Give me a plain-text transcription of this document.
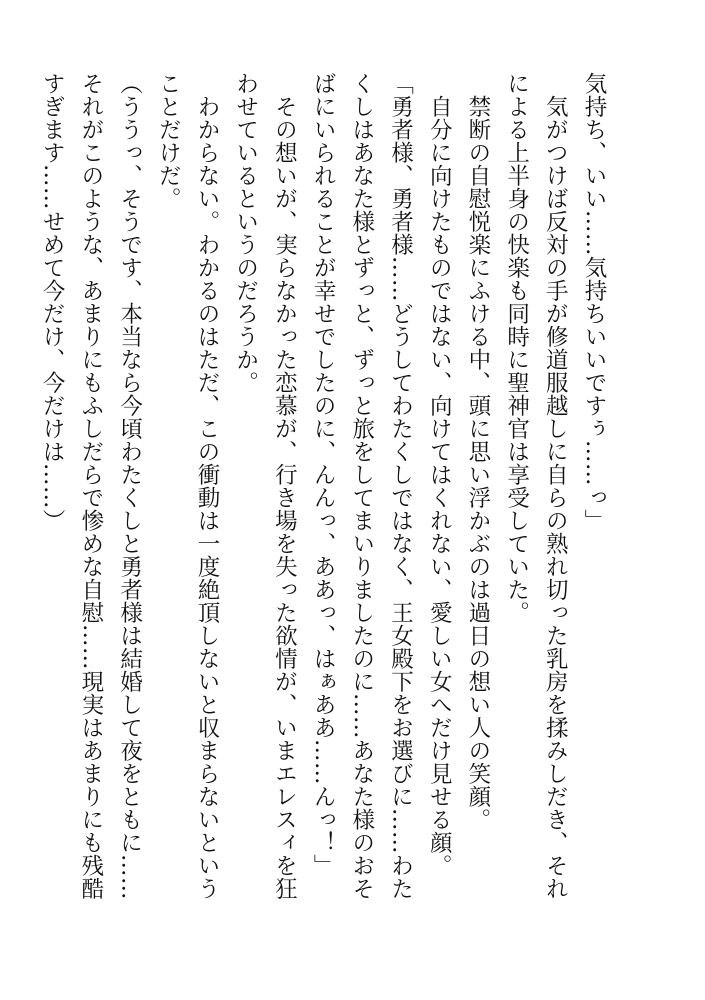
気持ち、いい……気持ちいいですぅ……っ」
　気がつけば反対の手が修道服越しに自らの熟れ切った乳房を揉みしだき、それ
による上半身の快楽も同時に聖神官は享受していた。
　禁断の自慰悦楽にふける中、頭に思い浮かぶのは過日の想い人の笑顔。
　自分に向けたものではない、向けてはくれない、愛しい女へだけ見せる顔。
「勇者様、勇者様……どうしてわたくしではなく、王女殿下をお選びに……わた
くしはあなた様とずっと、ずっと旅をしてまいりましたのに……あなた様のおそ
ばにいられることが幸せでしたのに、んんっ、ああっ、はぁああ……んっ！」
　その想いが、実らなかった恋慕が、行き場を失った欲情が、いまエレスィを狂
わせているというのだろうか。
　わからない。わかるのはただ、この衝動は一度絶頂しないと収まらないという
ことだけだ。
（ううっ、そうです、本当なら今頃わたくしと勇者様は結婚して夜をともに……
それがこのような、あまりにもふしだらで惨めな自慰……現実はあまりにも残酷
すぎます……せめて今だけ、今だけは……）
